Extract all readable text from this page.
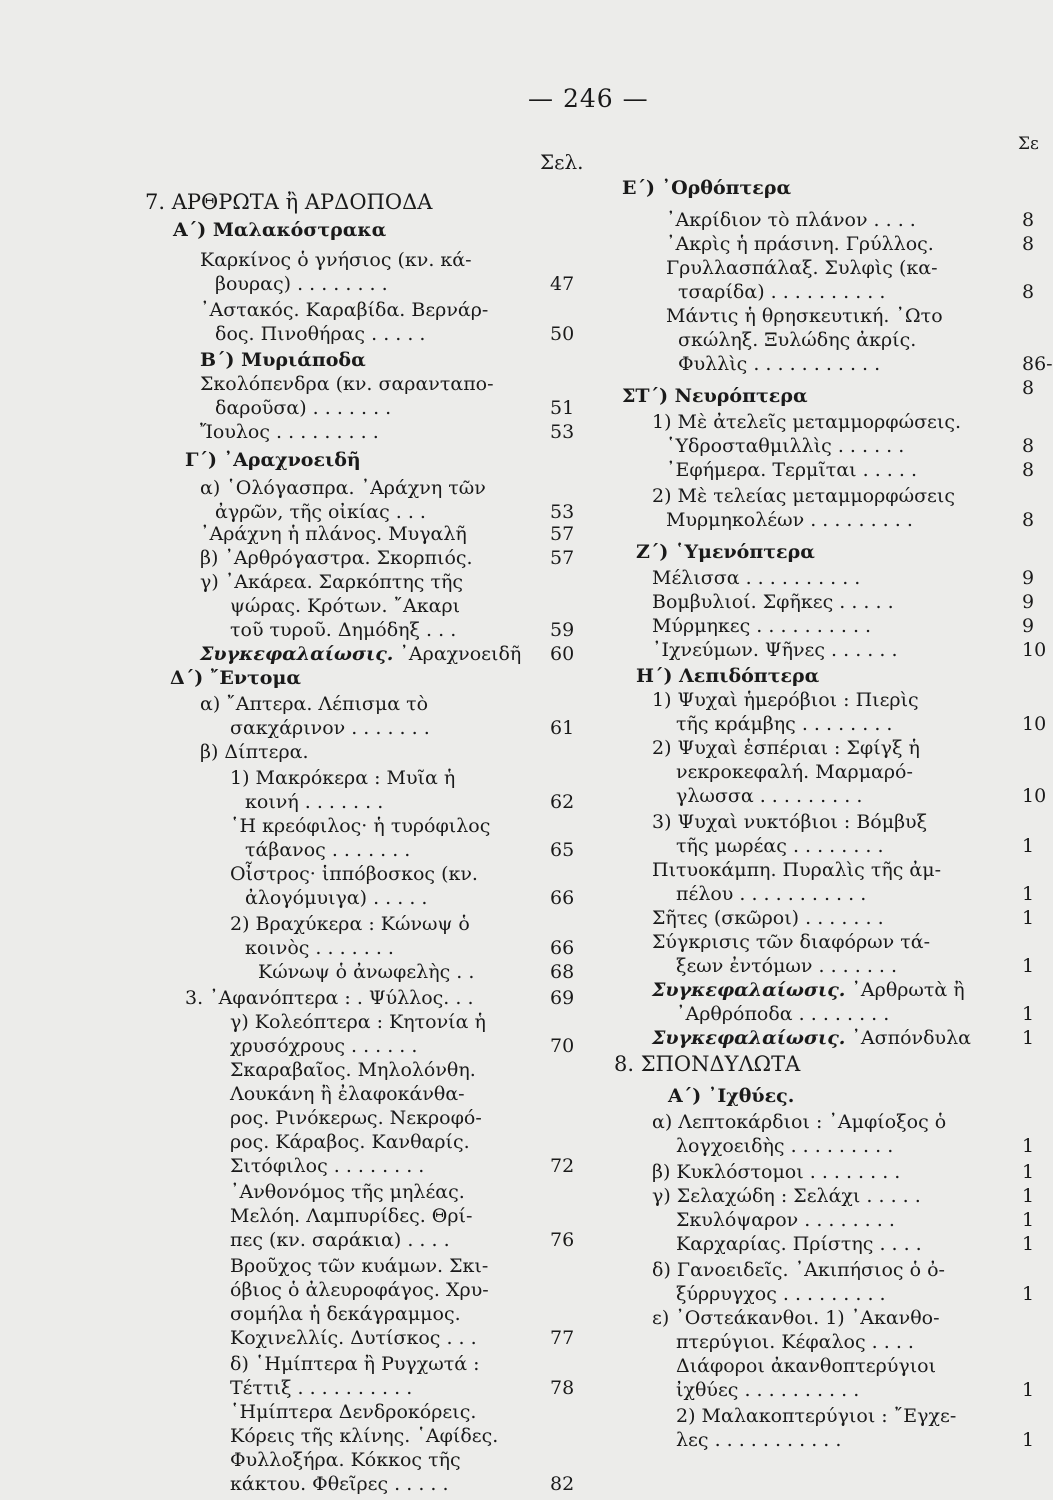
— 246 —
Σελ.
Σε
7. ΑΡΘΡΩΤΑ ἢ ΑΡΔΟΠΟΔΑ
Α΄) Μαλακόστρακα
Καρκίνος ὁ γνήσιος (κν. κά-
βουρας) . . . . . . . .	47
᾿Αστακός. Καραβίδα. Βερνάρ-
δος. Πινοθήρας . . . . .	50
Β΄) Μυριάποδα
Σκολόπενδρα (κν. σαρανταπο-
δαροῦσα) . . . . . . .	51
Ἴουλος . . . . . . . . .	53
Γ΄) ᾿Αραχνοειδῆ
α) ῾Ολόγασπρα. ᾿Αράχνη τῶν
ἀγρῶν, τῆς οἰκίας . . .	53
᾿Αράχνη ἡ πλάνος. Μυγαλῆ	57
β) ᾿Αρθρόγαστρα. Σκορπιός.	57
γ) ᾿Ακάρεα. Σαρκόπτης τῆς
ψώρας. Κρότων. ῎Ακαρι
τοῦ τυροῦ. Δημόδηξ . . .	59
Συγκεφαλαίωσις. ᾿Αραχνοειδῆ 60
Δ΄) ῎Εντομα
α) ῎Απτερα. Λέπισμα τὸ
σακχάρινον . . . . . . .	61
β) Δίπτερα.
1) Μακρόκερα : Μυῖα ἡ
κοινή . . . . . . .	62
῾Η κρεόφιλος· ἡ τυρόφιλος
τάβανος . . . . . . .	65
Οἶστρος· ἱππόβοσκος (κν.
ἀλογόμυιγα) . . . . .	66
2) Βραχύκερα : Κώνωψ ὁ
κοινὸς . . . . . . .	66
Κώνωψ ὁ ἀνωφελὴς . .	68
3. ᾿Αφανόπτερα : . Ψύλλος. . .	69
γ) Κολεόπτερα : Κητονία ἡ
χρυσόχρους . . . . . .	70
Σκαραβαῖος. Μηλολόνθη.
Λουκάνη ἢ ἐλαφοκάνθα-
ρος. Ρινόκερως. Νεκροφό-
ρος. Κάραβος. Κανθαρίς.
Σιτόφιλος . . . . . . . .	72
᾿Ανθονόμος τῆς μηλέας.
Μελόη. Λαμπυρίδες. Θρί-
πες (κν. σαράκια) . . . .	76
Βροῦχος τῶν κυάμων. Σκι-
όβιος ὁ ἀλευροφάγος. Χρυ-
σομήλα ἡ δεκάγραμμος.
Κοχινελλίς. Δυτίσκος . . .	77
δ) ῾Ημίπτερα ἢ Ρυγχωτά :
Τέττιξ . . . . . . . . . .	78
῾Ημίπτερα Δενδροκόρεις.
Κόρεις τῆς κλίνης. ῾Αφίδες.
Φυλλοξήρα. Κόκκος τῆς
κάκτου. Φθεῖρες . . . . .	82
Ε΄) ᾿Ορθόπτερα
᾿Ακρίδιον τὸ πλάνον . . . .	8
᾿Ακρὶς ἡ πράσινη. Γρύλλος.	8
Γρυλλασπάλαξ. Συλφὶς (κα-
τσαρίδα) . . . . . . . . . .	8
Μάντις ἡ θρησκευτική. ᾿Ωτο
σκώληξ. Ξυλώδης ἀκρίς.
Φυλλὶς . . . . . . . . . . .	86-8
ΣΤ΄) Νευρόπτερα
1) Μὲ ἀτελεῖς μεταμμορφώσεις.
῾Υδροσταθμιλλὶς . . . . . .	8
᾿Εφήμερα. Τερμῖται . . . . .	8
2) Μὲ τελείας μεταμμορφώσεις
Μυρμηκολέων . . . . . . . . .	8
Ζ΄) ῾Υμενόπτερα
Μέλισσα . . . . . . . . . .	9
Βομβυλιοί. Σφῆκες . . . . .	9
Μύρμηκες . . . . . . . . . .	9
᾿Ιχνεύμων. Ψῆνες . . . . . .	10
Η΄) Λεπιδόπτερα
1) Ψυχαὶ ἡμερόβιοι : Πιερὶς
τῆς κράμβης . . . . . . . .	10
2) Ψυχαὶ ἑσπέριαι : Σφίγξ ἡ
νεκροκεφαλή. Μαρμαρό-
γλωσσα . . . . . . . . .	10
3) Ψυχαὶ νυκτόβιοι : Βόμβυξ
τῆς μωρέας . . . . . . . .	1
Πιτυοκάμπη. Πυραλὶς τῆς ἀμ-
πέλου . . . . . . . . . . .	1
Σῆτες (σκῶροι) . . . . . . .	1
Σύγκρισις τῶν διαφόρων τά-
ξεων ἐντόμων . . . . . . .	1
Συγκεφαλαίωσις. ᾿Αρθρωτὰ ἢ
᾿Αρθρόποδα . . . . . . . .	1
Συγκεφαλαίωσις. ᾿Ασπόνδυλα	1
8. ΣΠΟΝΔΥΛΩΤΑ
Α΄) ᾿Ιχθύες.
α) Λεπτοκάρδιοι : ᾿Αμφίοξος ὁ
λογχοειδὴς . . . . . . . . .	1
β) Κυκλόστομοι . . . . . . . .	1
γ) Σελαχώδη : Σελάχι . . . . .	1
Σκυλόψαρον . . . . . . . .	1
Καρχαρίας. Πρίστης . . . .	1
δ) Γανοειδεῖς. ᾿Ακιπήσιος ὁ ὀ-
ξύρρυγχος . . . . . . . . .	1
ε) ᾿Οστεάκανθοι. 1) ᾿Ακανθο-
πτερύγιοι. Κέφαλος . . . .
Διάφοροι ἀκανθοπτερύγιοι
ἰχθύες . . . . . . . . . .	1
2) Μαλακοπτερύγιοι : ῎Εγχε-
λες . . . . . . . . . . .	1
